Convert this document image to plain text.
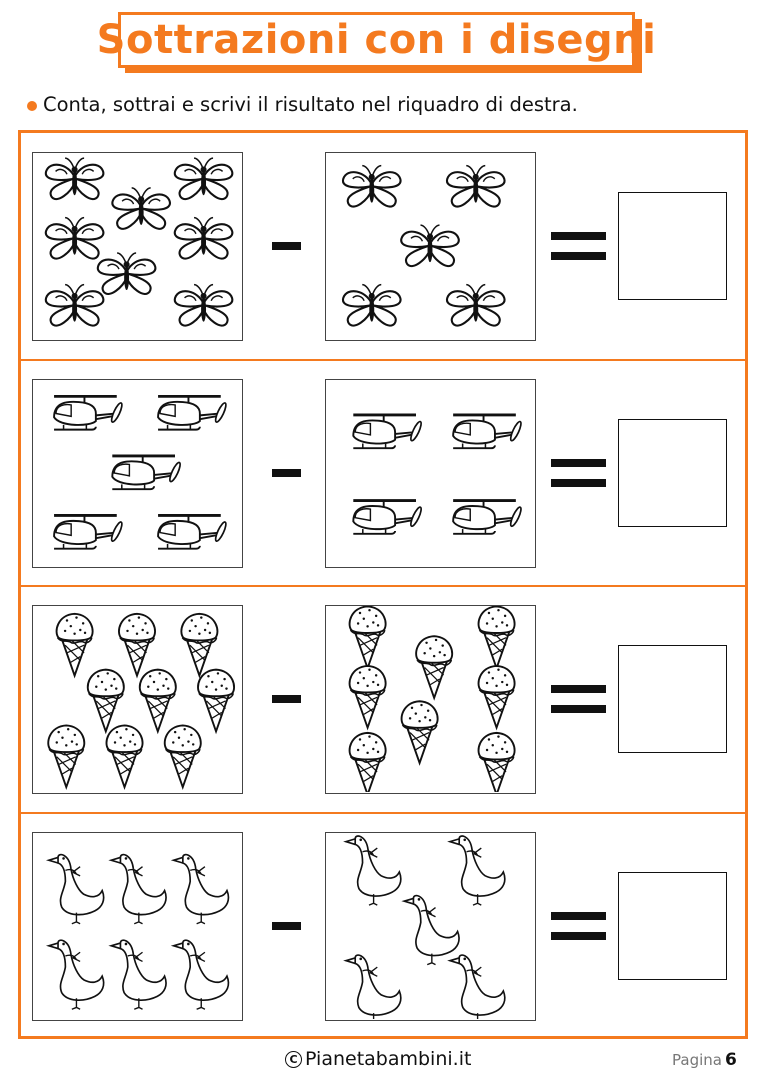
Sottrazioni con i disegni
Conta, sottrai e scrivi il risultato nel riquadro di destra.
C Pianetabambini.it	Pagina 6
